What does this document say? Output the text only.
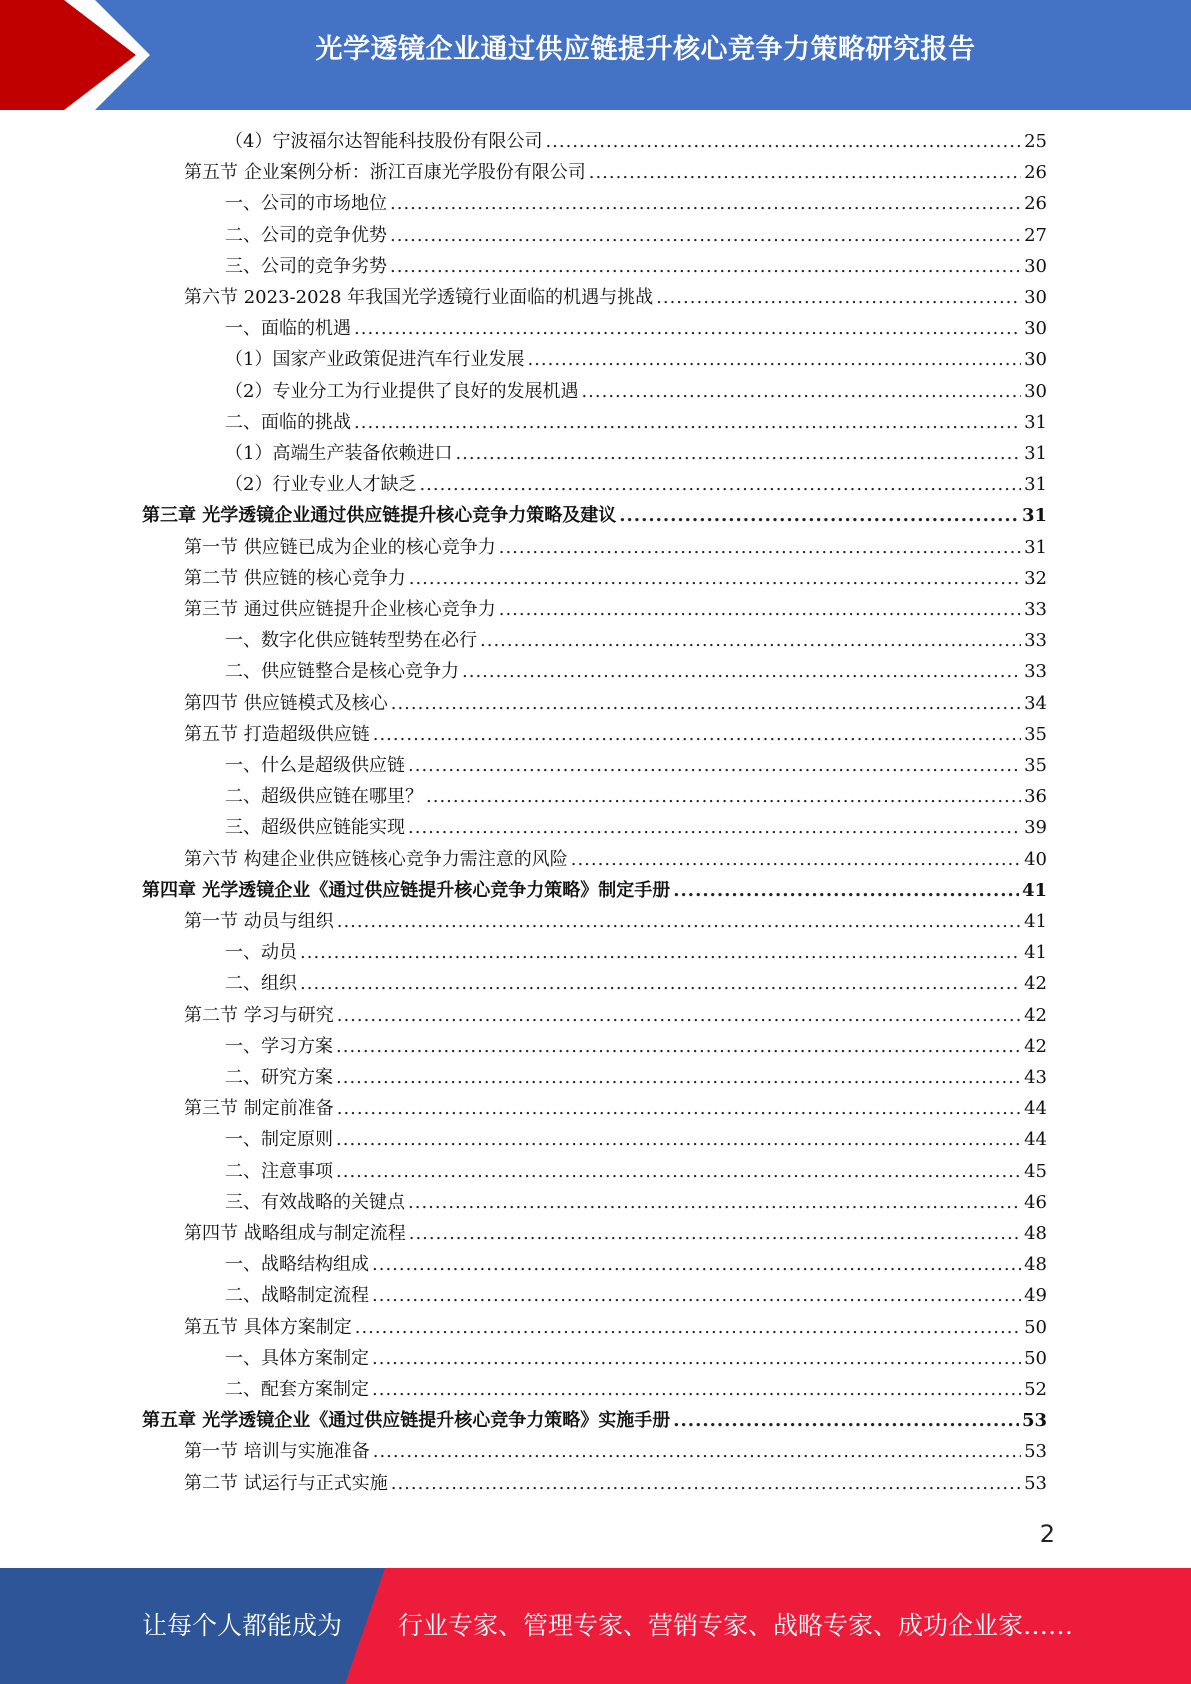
光学透镜企业通过供应链提升核心竞争力策略研究报告
（4）宁波福尔达智能科技股份有限公司 .....	25
第五节 企业案例分析：浙江百康光学股份有限公司 .....	26
一、公司的市场地位 .....	26
二、公司的竞争优势 .....	27
三、公司的竞争劣势 .....	30
第六节 2023-2028 年我国光学透镜行业面临的机遇与挑战 .....	30
一、面临的机遇 .....	30
（1）国家产业政策促进汽车行业发展 .....	30
（2）专业分工为行业提供了良好的发展机遇 .....	30
二、面临的挑战 .....	31
（1）高端生产装备依赖进口 .....	31
（2）行业专业人才缺乏 .....	31
第三章 光学透镜企业通过供应链提升核心竞争力策略及建议 .....	31
第一节 供应链已成为企业的核心竞争力 .....	31
第二节 供应链的核心竞争力 .....	32
第三节 通过供应链提升企业核心竞争力 .....	33
一、数字化供应链转型势在必行 .....	33
二、供应链整合是核心竞争力 .....	33
第四节 供应链模式及核心 .....	34
第五节 打造超级供应链 .....	35
一、什么是超级供应链 .....	35
二、超级供应链在哪里？ .....	36
三、超级供应链能实现 .....	39
第六节 构建企业供应链核心竞争力需注意的风险 .....	40
第四章 光学透镜企业《通过供应链提升核心竞争力策略》制定手册 .....	41
第一节 动员与组织 .....	41
一、动员 .....	41
二、组织 .....	42
第二节 学习与研究 .....	42
一、学习方案 .....	42
二、研究方案 .....	43
第三节 制定前准备 .....	44
一、制定原则 .....	44
二、注意事项 .....	45
三、有效战略的关键点 .....	46
第四节 战略组成与制定流程 .....	48
一、战略结构组成 .....	48
二、战略制定流程 .....	49
第五节 具体方案制定 .....	50
一、具体方案制定 .....	50
二、配套方案制定 .....	52
第五章 光学透镜企业《通过供应链提升核心竞争力策略》实施手册 .....	53
第一节 培训与实施准备 .....	53
第二节 试运行与正式实施 .....	53
2
让每个人都能成为 行业专家、管理专家、营销专家、战略专家、成功企业家……
